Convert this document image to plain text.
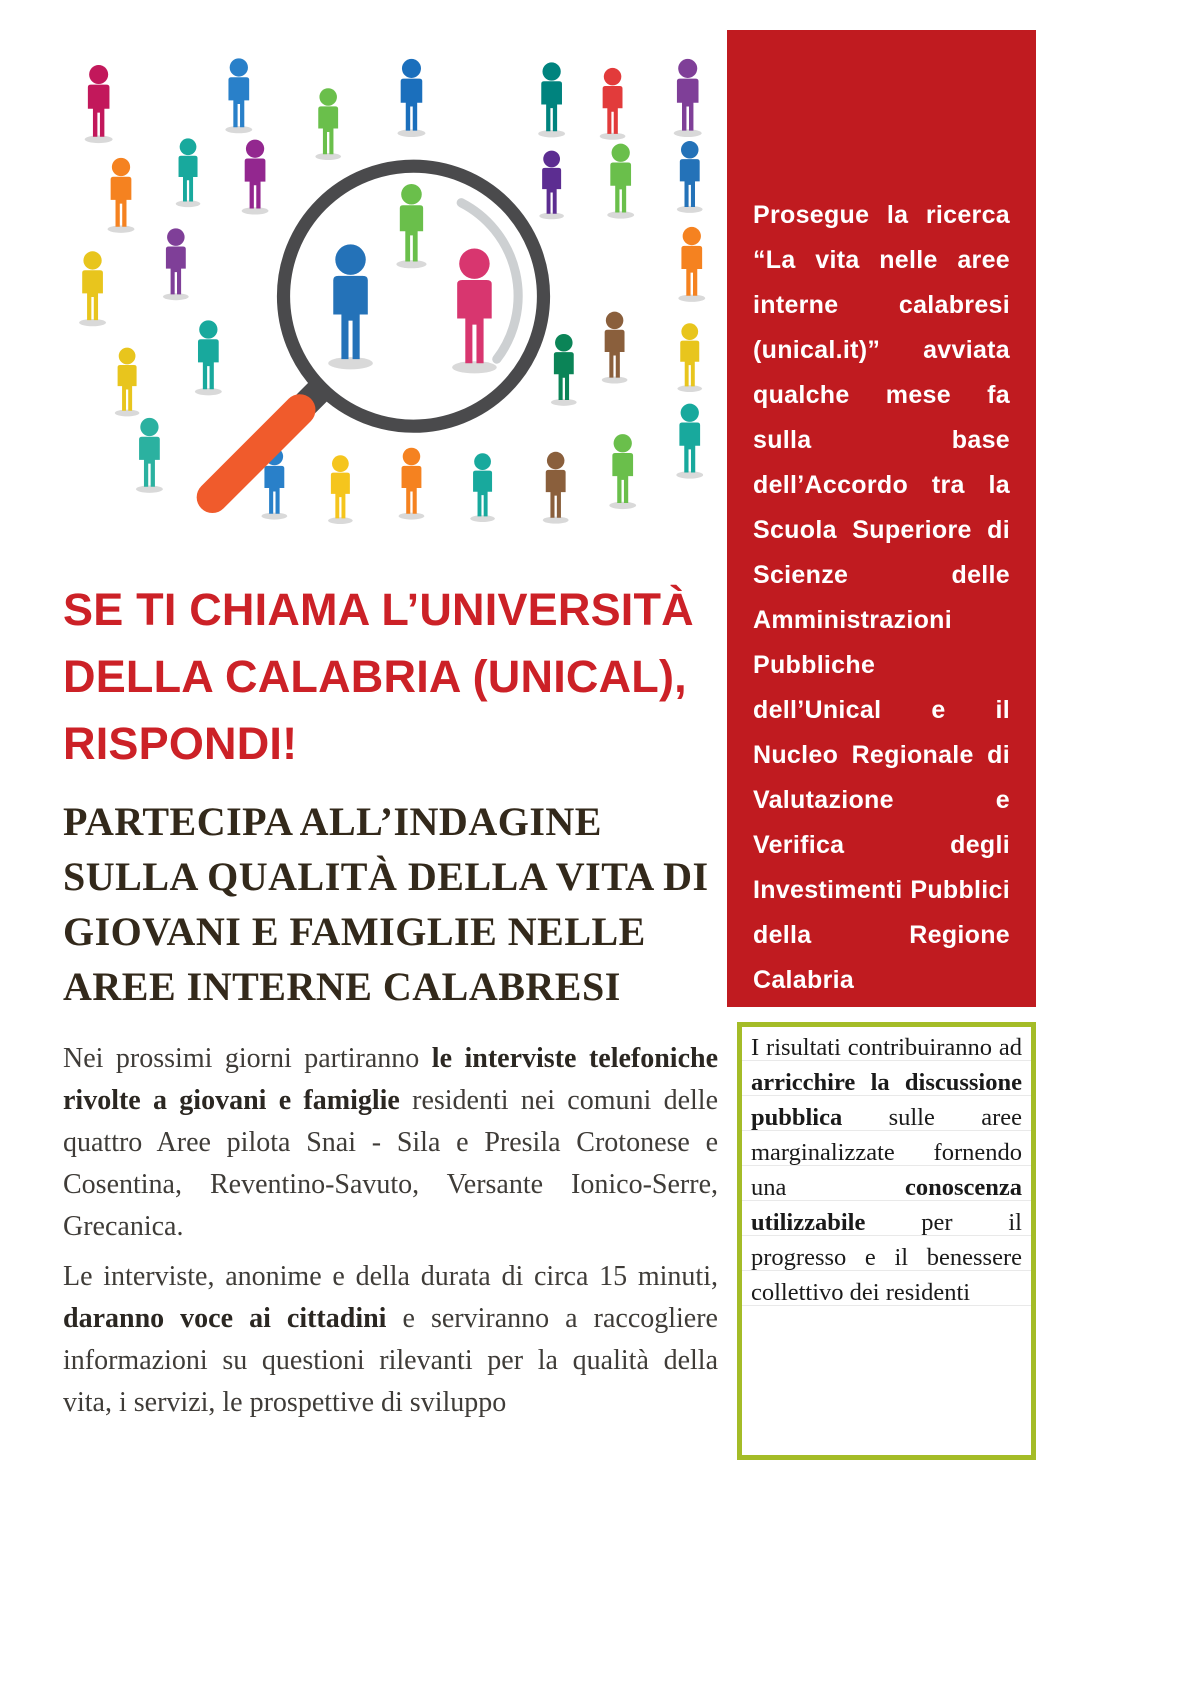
SE TI CHIAMA L’UNIVERSITÀ
DELLA CALABRIA (UNICAL),
RISPONDI!
PARTECIPA ALL’INDAGINE
SULLA QUALITÀ DELLA VITA DI
GIOVANI E FAMIGLIE NELLE
AREE INTERNE CALABRESI

Nei prossimi giorni partiranno le interviste telefoniche rivolte a giovani e famiglie residenti nei comuni delle quattro Aree pilota Snai - Sila e Presila Crotonese e Cosentina, Reventino-Savuto, Versante Ionico-Serre, Grecanica.

Le interviste, anonime e della durata di circa 15 minuti, daranno voce ai cittadini e serviranno a raccogliere informazioni su questioni rilevanti per la qualità della vita, i servizi, le prospettive di sviluppo

Prosegue la ricerca “La vita nelle aree interne calabresi (unical.it)” avviata qualche mese fa sulla base dell’Accordo tra la Scuola Superiore di Scienze delle Amministrazioni Pubbliche dell’Unical e il Nucleo Regionale di Valutazione e Verifica degli Investimenti Pubblici della Regione Calabria

I risultati contribuiranno ad arricchire la discussione pubblica sulle aree marginalizzate fornendo una conoscenza utilizzabile per il progresso e il benessere collettivo dei residenti
